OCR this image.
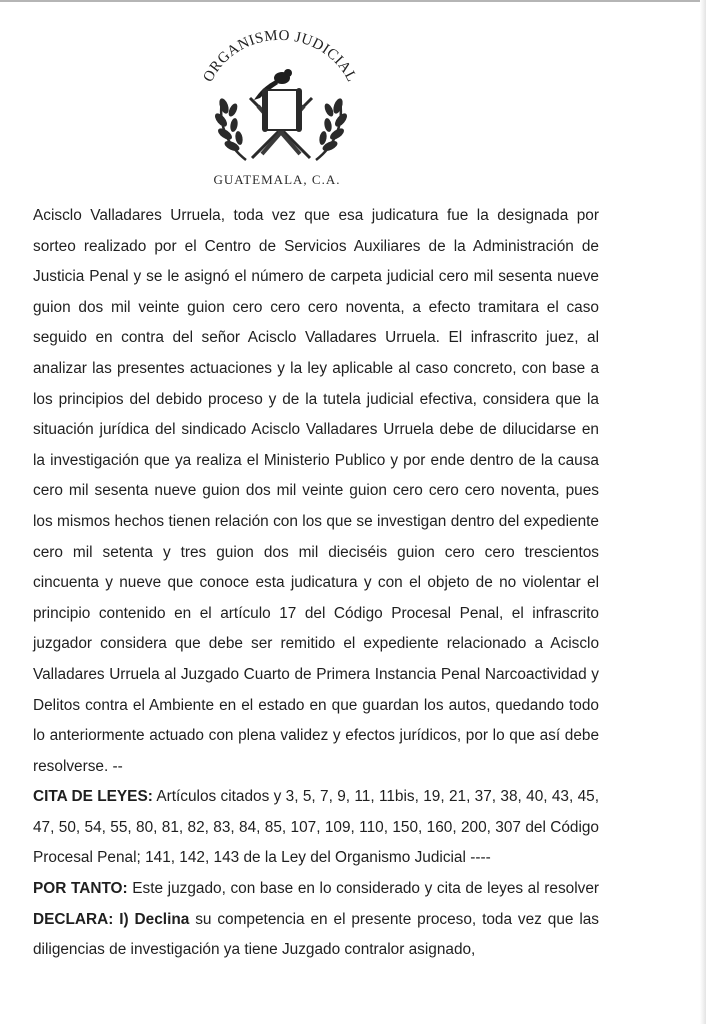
ORGANISMO JUDICIAL
GUATEMALA, C.A.

Acisclo Valladares Urruela, toda vez que esa judicatura fue la designada por sorteo realizado por el Centro de Servicios Auxiliares de la Administración de Justicia Penal y se le asignó el número de carpeta judicial cero mil sesenta nueve guion dos mil veinte guion cero cero cero noventa, a efecto tramitara el caso seguido en contra del señor Acisclo Valladares Urruela. El infrascrito juez, al analizar las presentes actuaciones y la ley aplicable al caso concreto, con base a los principios del debido proceso y de la tutela judicial efectiva, considera que la situación jurídica del sindicado Acisclo Valladares Urruela debe de dilucidarse en la investigación que ya realiza el Ministerio Publico y por ende dentro de la causa cero mil sesenta nueve guion dos mil veinte guion cero cero cero noventa, pues los mismos hechos tienen relación con los que se investigan dentro del expediente cero mil setenta y tres guion dos mil dieciséis guion cero cero trescientos cincuenta y nueve que conoce esta judicatura y con el objeto de no violentar el principio contenido en el artículo 17 del Código Procesal Penal, el infrascrito juzgador considera que debe ser remitido el expediente relacionado a Acisclo Valladares Urruela al Juzgado Cuarto de Primera Instancia Penal Narcoactividad y Delitos contra el Ambiente en el estado en que guardan los autos, quedando todo lo anteriormente actuado con plena validez y efectos jurídicos, por lo que así debe resolverse. --
CITA DE LEYES: Artículos citados y 3, 5, 7, 9, 11, 11bis, 19, 21, 37, 38, 40, 43, 45, 47, 50, 54, 55, 80, 81, 82, 83, 84, 85, 107, 109, 110, 150, 160, 200, 307 del Código Procesal Penal; 141, 142, 143 de la Ley del Organismo Judicial ----
POR TANTO: Este juzgado, con base en lo considerado y cita de leyes al resolver DECLARA: I) Declina su competencia en el presente proceso, toda vez que las diligencias de investigación ya tiene Juzgado contralor asignado,
